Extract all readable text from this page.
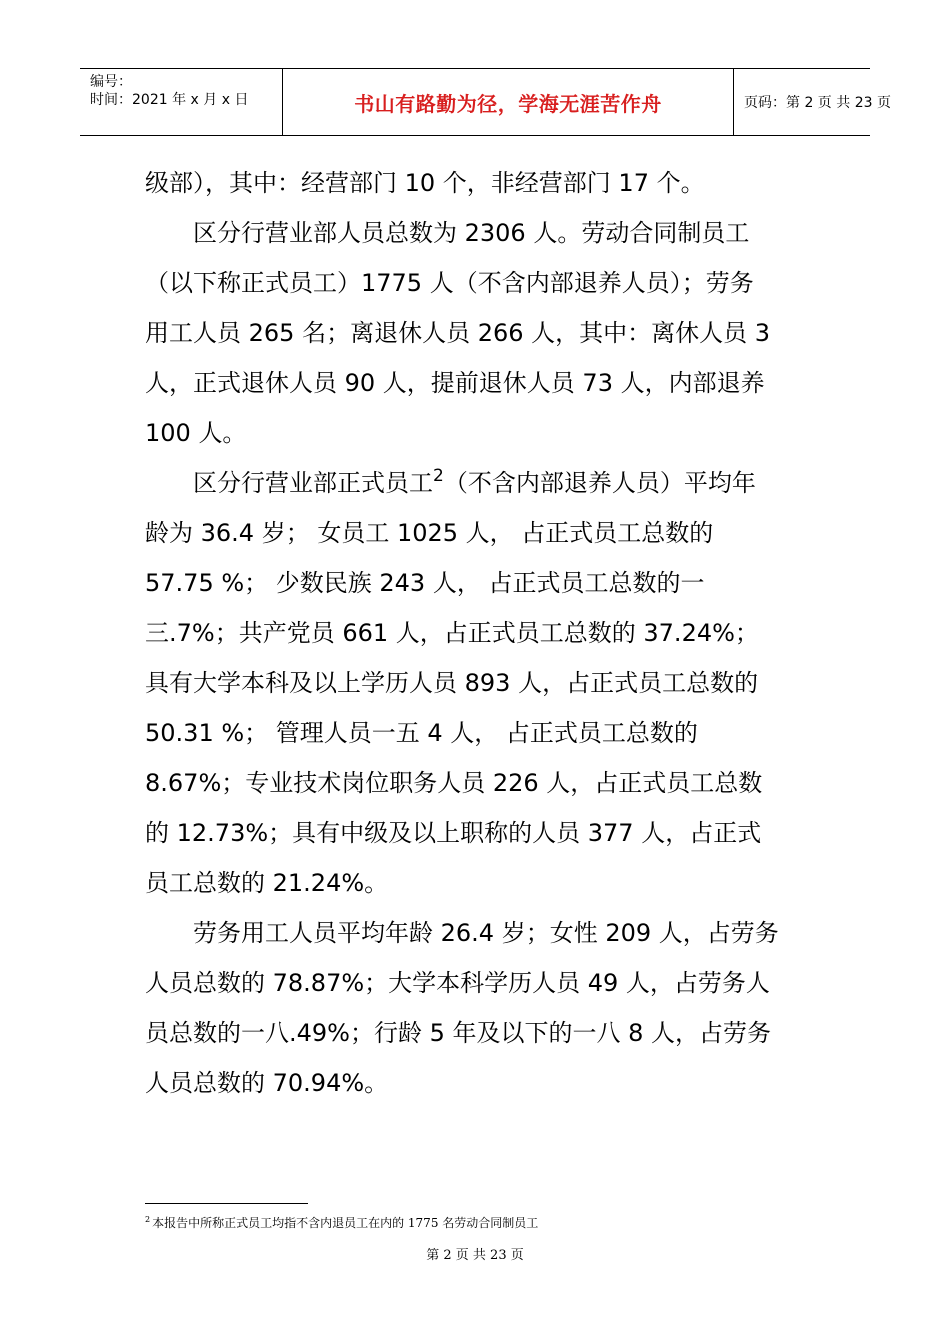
编号：
时间：2021 年 x 月 x 日	书山有路勤为径，学海无涯苦作舟	页码：第 2 页 共 23 页
级部），其中：经营部门 10 个，非经营部门 17 个。
区分行营业部人员总数为 2306 人。劳动合同制员工
（以下称正式员工）1775 人（不含内部退养人员）；劳务
用工人员 265 名；离退休人员 266 人，其中：离休人员 3
人，正式退休人员 90 人，提前退休人员 73 人，内部退养
100 人。
区分行营业部正式员工$^2$（不含内部退养人员）平均年
龄为 36.4 岁； 女员工 1025 人， 占正式员工总数的
57.75 %； 少数民族 243 人， 占正式员工总数的一
三.7%；共产党员 661 人，占正式员工总数的 37.24%；
具有大学本科及以上学历人员 893 人，占正式员工总数的
50.31 %； 管理人员一五 4 人， 占正式员工总数的
8.67%；专业技术岗位职务人员 226 人，占正式员工总数
的 12.73%；具有中级及以上职称的人员 377 人，占正式
员工总数的 21.24%。
劳务用工人员平均年龄 26.4 岁；女性 209 人，占劳务
人员总数的 78.87%；大学本科学历人员 49 人，占劳务人
员总数的一八.49%；行龄 5 年及以下的一八 8 人，占劳务
人员总数的 70.94%。
$^2$ 本报告中所称正式员工均指不含内退员工在内的 1775 名劳动合同制员工
第 2 页 共 23 页
